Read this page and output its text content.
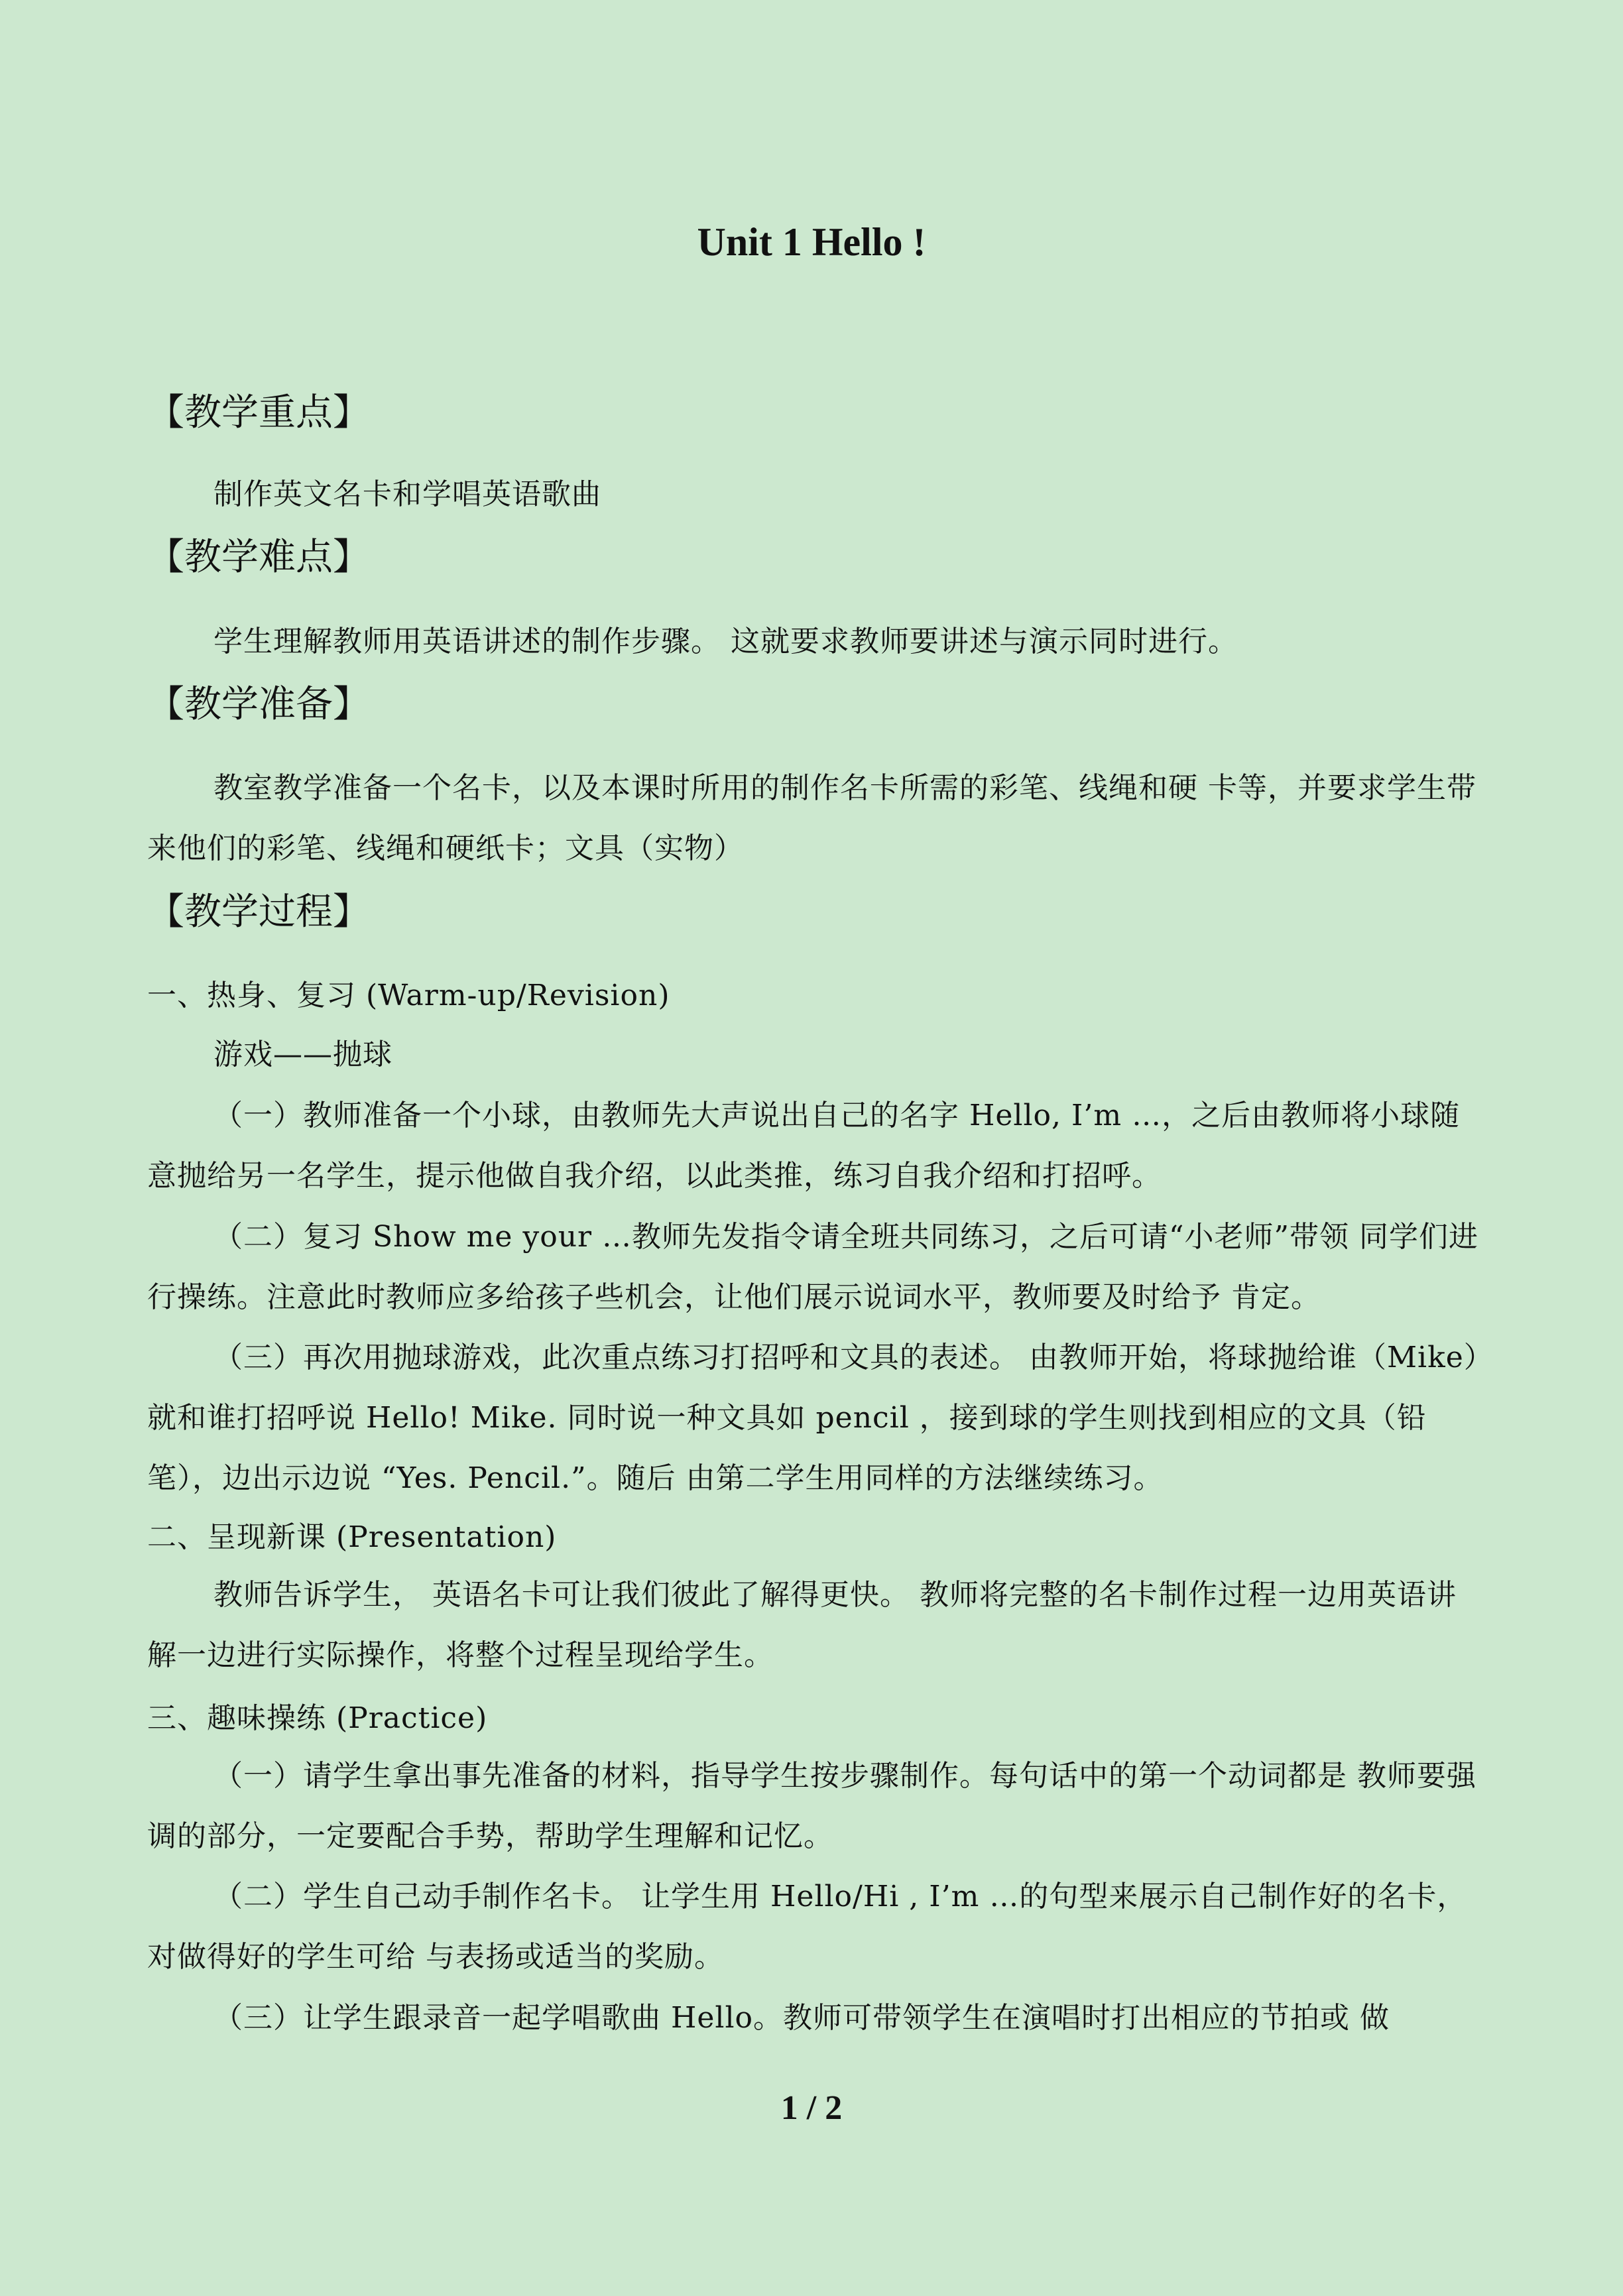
Unit 1 Hello !
【教学重点】
制作英文名卡和学唱英语歌曲
【教学难点】
学生理解教师用英语讲述的制作步骤。 这就要求教师要讲述与演示同时进行。
【教学准备】
教室教学准备一个名卡，以及本课时所用的制作名卡所需的彩笔、线绳和硬 卡等，并要求学生带来他们的彩笔、线绳和硬纸卡；文具（实物）
【教学过程】
一、热身、复习 (Warm-up/Revision)
游戏——抛球
（一）教师准备一个小球，由教师先大声说出自己的名字 Hello, I’m …，之后由教师将小球随意抛给另一名学生，提示他做自我介绍，以此类推，练习自我介绍和打招呼。
（二）复习 Show me your …教师先发指令请全班共同练习，之后可请“小老师”带领 同学们进行操练。注意此时教师应多给孩子些机会，让他们展示说词水平，教师要及时给予 肯定。
（三）再次用抛球游戏，此次重点练习打招呼和文具的表述。 由教师开始，将球抛给谁（Mike）就和谁打招呼说 Hello! Mike. 同时说一种文具如 pencil ，接到球的学生则找到相应的文具（铅笔），边出示边说 “Yes. Pencil.”。随后 由第二学生用同样的方法继续练习。
二、呈现新课 (Presentation)
教师告诉学生， 英语名卡可让我们彼此了解得更快。 教师将完整的名卡制作过程一边用英语讲解一边进行实际操作，将整个过程呈现给学生。
三、趣味操练 (Practice)
（一）请学生拿出事先准备的材料，指导学生按步骤制作。每句话中的第一个动词都是 教师要强调的部分，一定要配合手势，帮助学生理解和记忆。
（二）学生自己动手制作名卡。 让学生用 Hello/Hi , I’m …的句型来展示自己制作好的名卡，对做得好的学生可给 与表扬或适当的奖励。
（三）让学生跟录音一起学唱歌曲 Hello。教师可带领学生在演唱时打出相应的节拍或 做
1 / 2
